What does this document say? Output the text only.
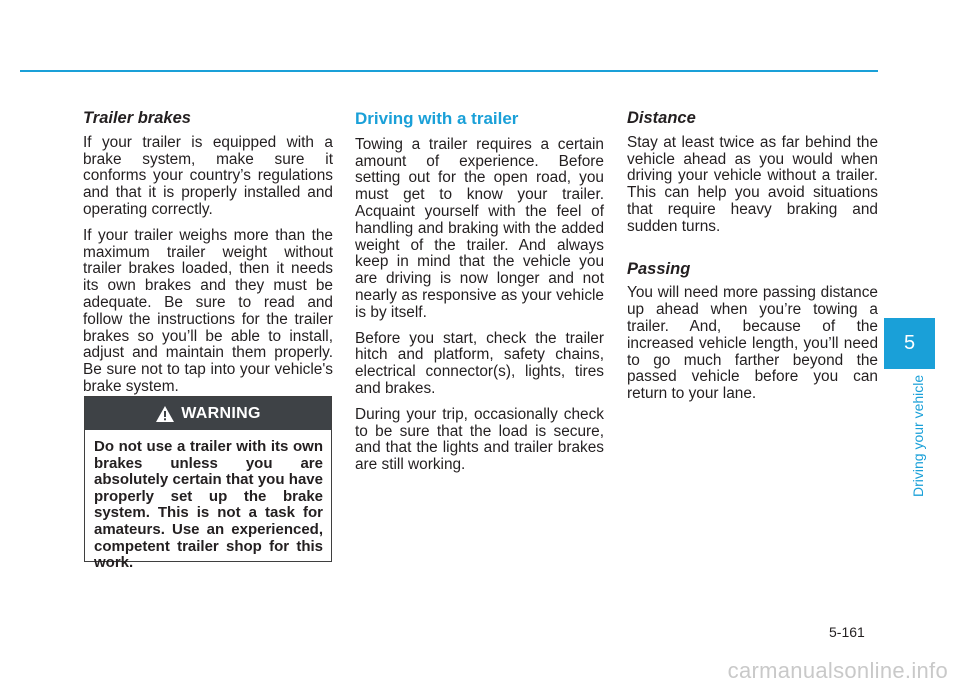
Trailer brakes

If your trailer is equipped with a brake system, make sure it conforms your country’s regulations and that it is properly installed and operating correctly.

If your trailer weighs more than the maximum trailer weight without trailer brakes loaded, then it needs its own brakes and they must be adequate. Be sure to read and follow the instructions for the trailer brakes so you’ll be able to install, adjust and maintain them properly. Be sure not to tap into your vehicle's brake system.

WARNING
Do not use a trailer with its own brakes unless you are absolutely certain that you have properly set up the brake system. This is not a task for amateurs. Use an experienced, competent trailer shop for this work.
Driving with a trailer

Towing a trailer requires a certain amount of experience. Before setting out for the open road, you must get to know your trailer. Acquaint yourself with the feel of handling and braking with the added weight of the trailer. And always keep in mind that the vehicle you are driving is now longer and not nearly as responsive as your vehicle is by itself.

Before you start, check the trailer hitch and platform, safety chains, electrical connector(s), lights, tires and brakes.

During your trip, occasionally check to be sure that the load is secure, and that the lights and trailer brakes are still working.

Distance

Stay at least twice as far behind the vehicle ahead as you would when driving your vehicle without a trailer. This can help you avoid situations that require heavy braking and sudden turns.

Passing

You will need more passing distance up ahead when you’re towing a trailer. And, because of the increased vehicle length, you’ll need to go much farther beyond the passed vehicle before you can return to your lane.

5
Driving your vehicle
5-161
carmanualsonline.info
